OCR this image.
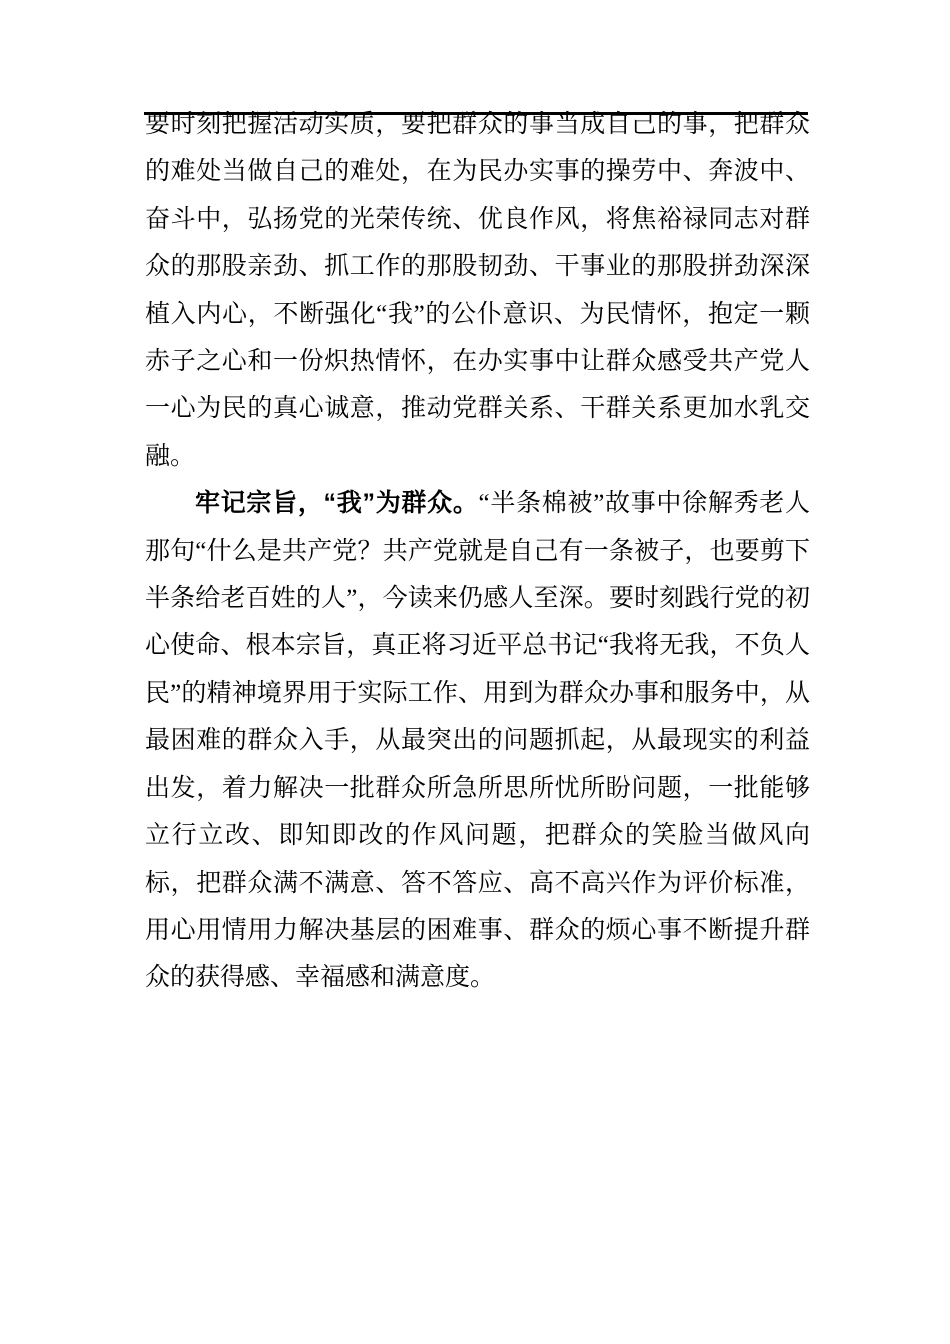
要时刻把握活动实质，要把群众的事当成自己的事，把群众的难处当做自己的难处，在为民办实事的操劳中、奔波中、奋斗中，弘扬党的光荣传统、优良作风，将焦裕禄同志对群众的那股亲劲、抓工作的那股韧劲、干事业的那股拼劲深深植入内心，不断强化“我”的公仆意识、为民情怀，抱定一颗赤子之心和一份炽热情怀，在办实事中让群众感受共产党人一心为民的真心诚意，推动党群关系、干群关系更加水乳交融。

牢记宗旨，“我”为群众。“半条棉被”故事中徐解秀老人那句“什么是共产党？共产党就是自己有一条被子，也要剪下半条给老百姓的人”，今读来仍感人至深。要时刻践行党的初心使命、根本宗旨，真正将习近平总书记“我将无我，不负人民”的精神境界用于实际工作、用到为群众办事和服务中，从最困难的群众入手，从最突出的问题抓起，从最现实的利益出发，着力解决一批群众所急所思所忧所盼问题，一批能够立行立改、即知即改的作风问题，把群众的笑脸当做风向标，把群众满不满意、答不答应、高不高兴作为评价标准，用心用情用力解决基层的困难事、群众的烦心事不断提升群众的获得感、幸福感和满意度。
